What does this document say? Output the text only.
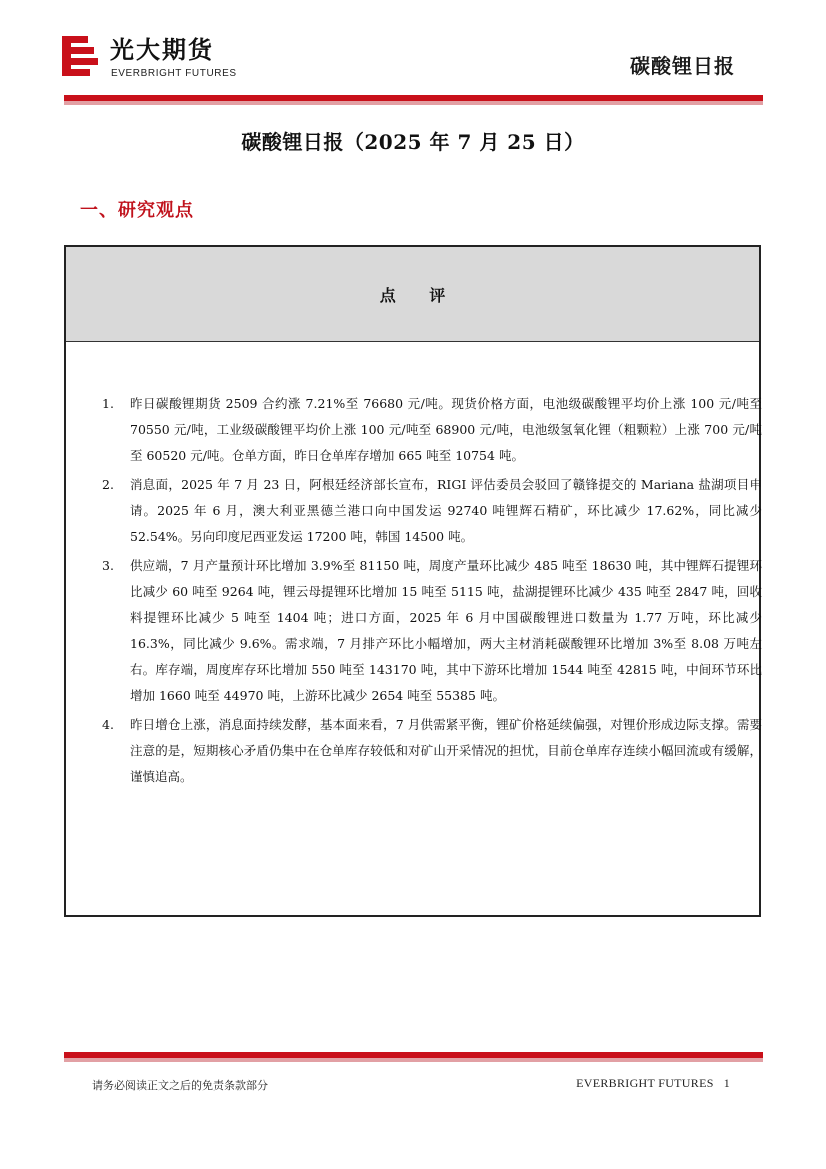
光大期货
EVERBRIGHT FUTURES	碳酸锂日报
碳酸锂日报（2025 年 7 月 25 日）
一、研究观点
点 评
1. 昨日碳酸锂期货 2509 合约涨 7.21%至 76680 元/吨。现货价格方面，电池级碳酸锂平均价上涨 100 元/吨至 70550 元/吨，工业级碳酸锂平均价上涨 100 元/吨至 68900 元/吨，电池级氢氧化锂（粗颗粒）上涨 700 元/吨至 60520 元/吨。仓单方面，昨日仓单库存增加 665 吨至 10754 吨。
2. 消息面，2025 年 7 月 23 日，阿根廷经济部长宣布，RIGI 评估委员会驳回了赣锋提交的 Mariana 盐湖项目申请。2025 年 6 月，澳大利亚黑德兰港口向中国发运 92740 吨锂辉石精矿，环比减少 17.62%，同比减少 52.54%。另向印度尼西亚发运 17200 吨，韩国 14500 吨。
3. 供应端，7 月产量预计环比增加 3.9%至 81150 吨，周度产量环比减少 485 吨至 18630 吨，其中锂辉石提锂环比减少 60 吨至 9264 吨，锂云母提锂环比增加 15 吨至 5115 吨，盐湖提锂环比减少 435 吨至 2847 吨，回收料提锂环比减少 5 吨至 1404 吨；进口方面，2025 年 6 月中国碳酸锂进口数量为 1.77 万吨，环比减少 16.3%，同比减少 9.6%。需求端，7 月排产环比小幅增加，两大主材消耗碳酸锂环比增加 3%至 8.08 万吨左右。库存端，周度库存环比增加 550 吨至 143170 吨，其中下游环比增加 1544 吨至 42815 吨，中间环节环比增加 1660 吨至 44970 吨，上游环比减少 2654 吨至 55385 吨。
4. 昨日增仓上涨，消息面持续发酵，基本面来看，7 月供需紧平衡，锂矿价格延续偏强，对锂价形成边际支撑。需要注意的是，短期核心矛盾仍集中在仓单库存较低和对矿山开采情况的担忧，目前仓单库存连续小幅回流或有缓解，谨慎追高。
请务必阅读正文之后的免责条款部分	EVERBRIGHT FUTURES 1
